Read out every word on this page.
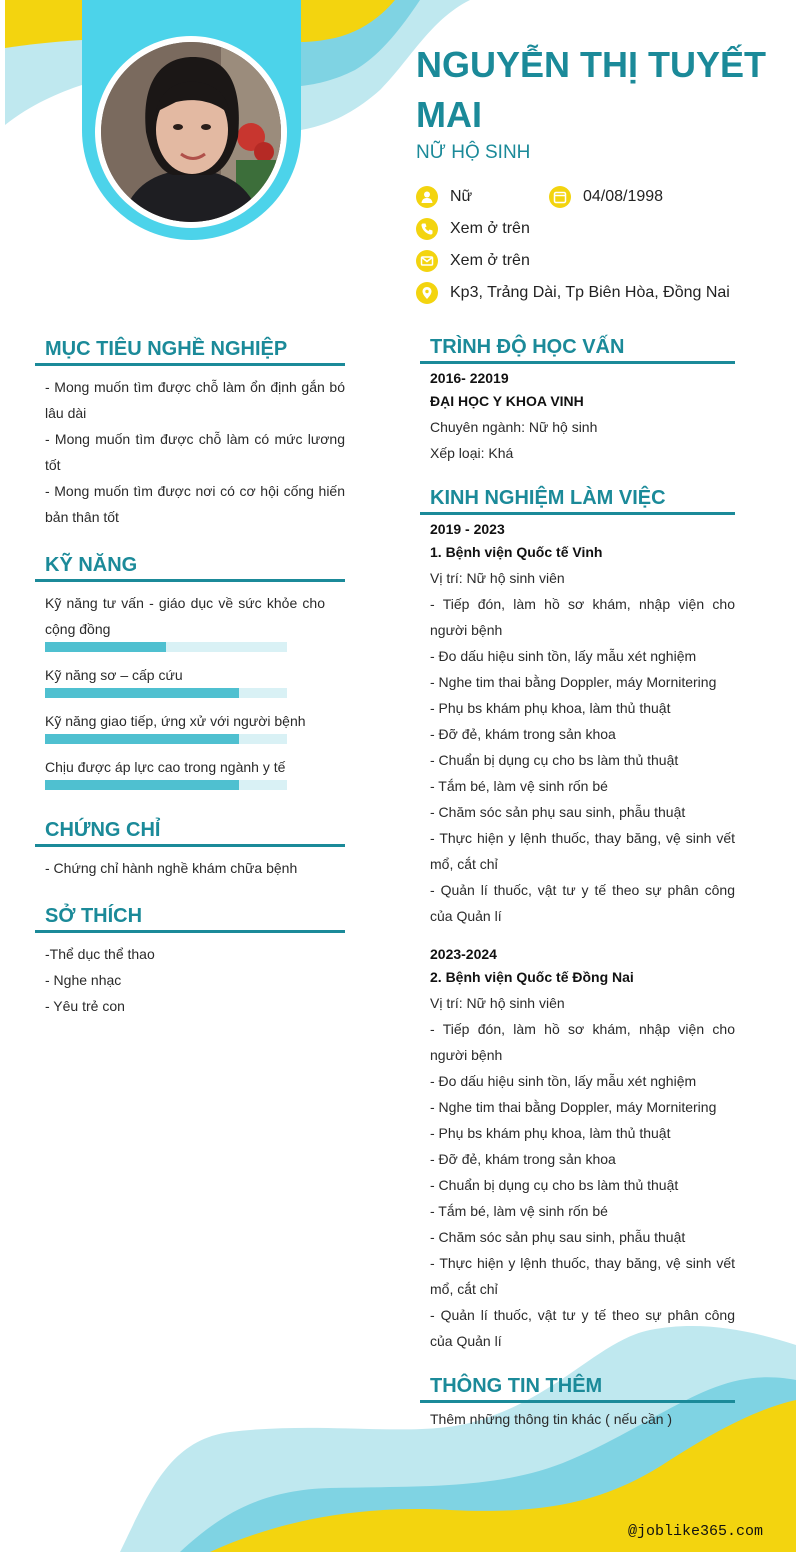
NGUYỄN THỊ TUYẾT MAI
NỮ HỘ SINH
Nữ	04/08/1998
Xem ở trên
Xem ở trên
Kp3, Trảng Dài, Tp Biên Hòa, Đồng Nai
MỤC TIÊU NGHỀ NGHIỆP

- Mong muốn tìm được chỗ làm ổn định gắn bó lâu dài

- Mong muốn tìm được chỗ làm có mức lương tốt

- Mong muốn tìm được nơi có cơ hội cống hiến bản thân tốt

KỸ NĂNG
Kỹ năng tư vấn - giáo dục về sức khỏe cho cộng đồng
Kỹ năng sơ – cấp cứu
Kỹ năng giao tiếp, ứng xử với người bệnh
Chịu được áp lực cao trong ngành y tế
CHỨNG CHỈ

- Chứng chỉ hành nghề khám chữa bệnh

SỞ THÍCH

-Thể dục thể thao

- Nghe nhạc

- Yêu trẻ con

TRÌNH ĐỘ HỌC VẤN

2016- 22019

ĐẠI HỌC Y KHOA VINH

Chuyên ngành: Nữ hộ sinh

Xếp loại: Khá

KINH NGHIỆM LÀM VIỆC

2019 - 2023

1. Bệnh viện Quốc tế Vinh

Vị trí: Nữ hộ sinh viên

- Tiếp đón, làm hồ sơ khám, nhập viện cho người bệnh

- Đo dấu hiệu sinh tồn, lấy mẫu xét nghiệm

- Nghe tim thai bằng Doppler, máy Mornitering

- Phụ bs khám phụ khoa, làm thủ thuật

- Đỡ đẻ, khám trong sản khoa

- Chuẩn bị dụng cụ cho bs làm thủ thuật

- Tắm bé, làm vệ sinh rốn bé

- Chăm sóc sản phụ sau sinh, phẫu thuật

- Thực hiện y lệnh thuốc, thay băng, vệ sinh vết mổ, cắt chỉ

- Quản lí thuốc, vật tư y tế theo sự phân công của Quản lí

2023-2024

2. Bệnh viện Quốc tế Đồng Nai

Vị trí: Nữ hộ sinh viên

- Tiếp đón, làm hồ sơ khám, nhập viện cho người bệnh

- Đo dấu hiệu sinh tồn, lấy mẫu xét nghiệm

- Nghe tim thai bằng Doppler, máy Mornitering

- Phụ bs khám phụ khoa, làm thủ thuật

- Đỡ đẻ, khám trong sản khoa

- Chuẩn bị dụng cụ cho bs làm thủ thuật

- Tắm bé, làm vệ sinh rốn bé

- Chăm sóc sản phụ sau sinh, phẫu thuật

- Thực hiện y lệnh thuốc, thay băng, vệ sinh vết mổ, cắt chỉ

- Quản lí thuốc, vật tư y tế theo sự phân công của Quản lí

THÔNG TIN THÊM
Thêm những thông tin khác ( nếu cần )
@joblike365.com
